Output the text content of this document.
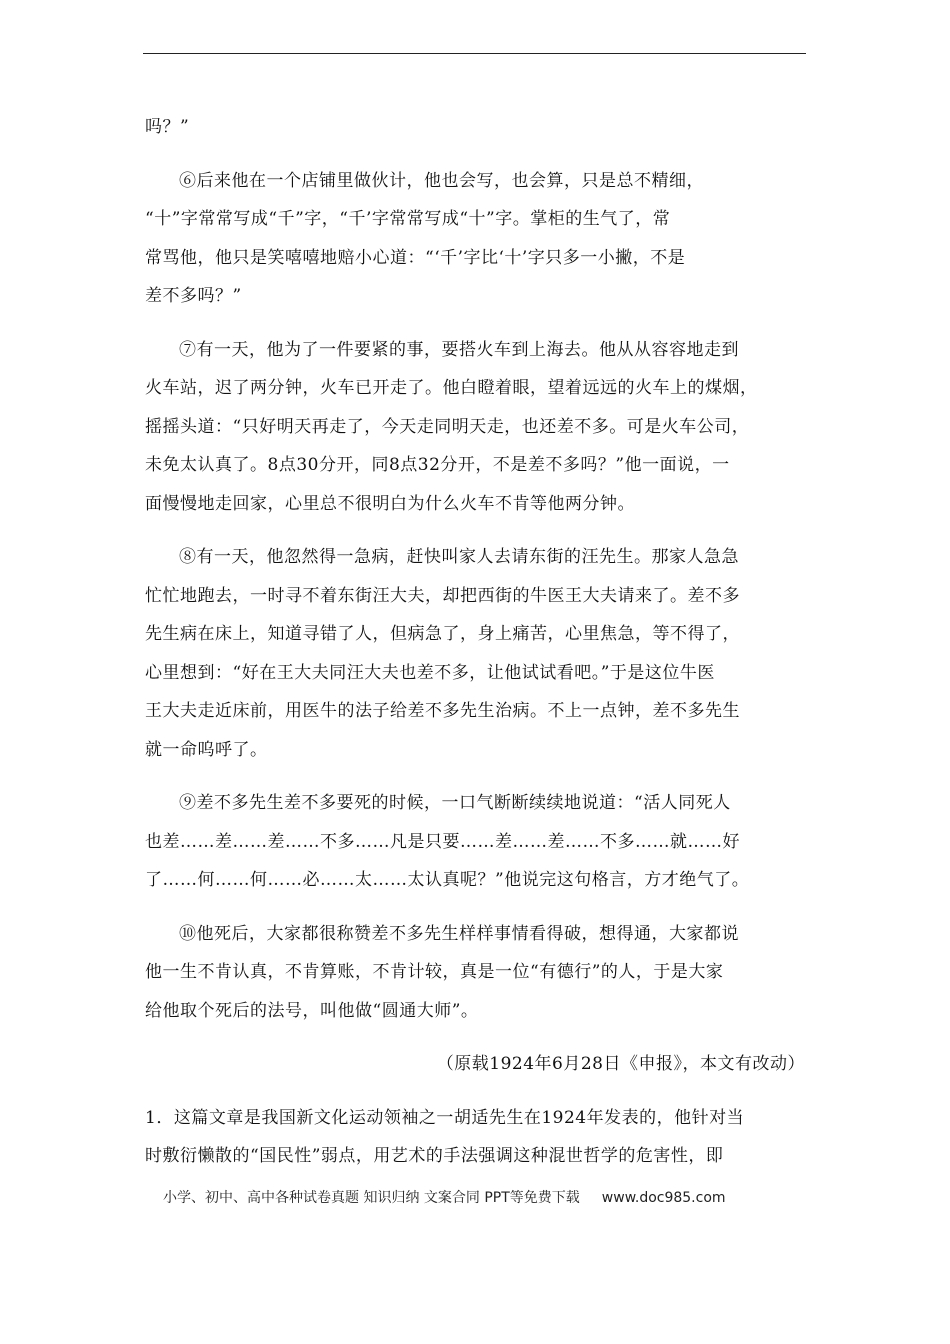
吗？”

⑥后来他在一个店铺里做伙计，他也会写，也会算，只是总不精细，
“十”字常常写成“千”字，“千’字常常写成“十”字。掌柜的生气了，常
常骂他，他只是笑嘻嘻地赔小心道：“‘千’字比‘十’字只多一小撇，不是
差不多吗？”

⑦有一天，他为了一件要紧的事，要搭火车到上海去。他从从容容地走到
火车站，迟了两分钟，火车已开走了。他白瞪着眼，望着远远的火车上的煤烟，
摇摇头道：“只好明天再走了，今天走同明天走，也还差不多。可是火车公司，
未免太认真了。8点30分开，同8点32分开，不是差不多吗？”他一面说，一
面慢慢地走回家，心里总不很明白为什么火车不肯等他两分钟。

⑧有一天，他忽然得一急病，赶快叫家人去请东街的汪先生。那家人急急
忙忙地跑去，一时寻不着东街汪大夫，却把西街的牛医王大夫请来了。差不多
先生病在床上，知道寻错了人，但病急了，身上痛苦，心里焦急，等不得了，
心里想到：“好在王大夫同汪大夫也差不多，让他试试看吧。”于是这位牛医
王大夫走近床前，用医牛的法子给差不多先生治病。不上一点钟，差不多先生
就一命呜呼了。

⑨差不多先生差不多要死的时候，一口气断断续续地说道：“活人同死人
也差……差……差……不多……凡是只要……差……差……不多……就……好
了……何……何……必……太……太认真呢？”他说完这句格言，方才绝气了。

⑩他死后，大家都很称赞差不多先生样样事情看得破，想得通，大家都说
他一生不肯认真，不肯算账，不肯计较，真是一位“有德行”的人，于是大家
给他取个死后的法号，叫他做“圆通大师”。

（原载1924年6月28日《申报》，本文有改动）

1．这篇文章是我国新文化运动领袖之一胡适先生在1924年发表的，他针对当
时敷衍懒散的“国民性”弱点，用艺术的手法强调这种混世哲学的危害性，即

小学、初中、高中各种试卷真题 知识归纳 文案合同 PPT等免费下载 www.doc985.com
